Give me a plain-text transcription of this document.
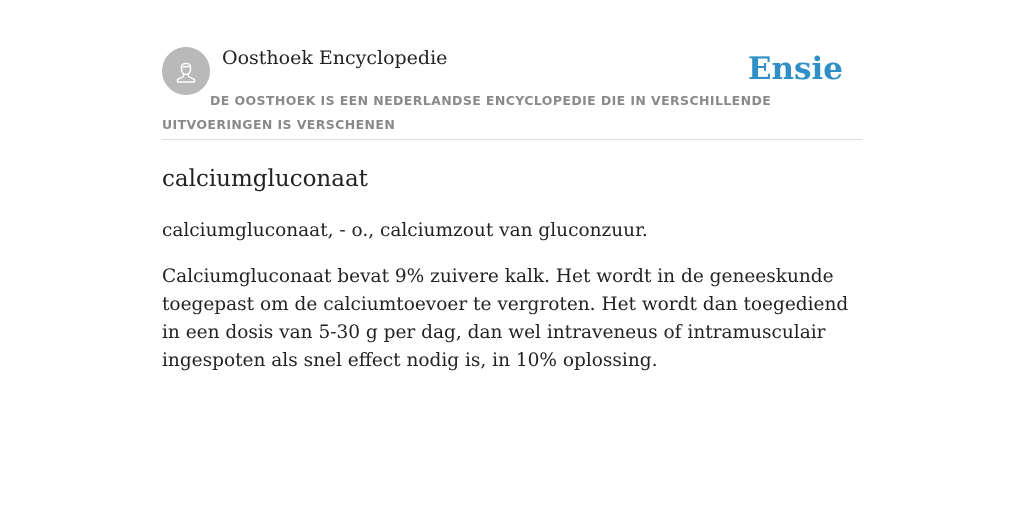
Oosthoek Encyclopedie	Ensie
DE OOSTHOEK IS EEN NEDERLANDSE ENCYCLOPEDIE DIE IN VERSCHILLENDE UITVOERINGEN IS VERSCHENEN
calciumgluconaat

calciumgluconaat, - o., calciumzout van gluconzuur.

Calciumgluconaat bevat 9% zuivere kalk. Het wordt in de geneeskunde toegepast om de calciumtoevoer te vergroten. Het wordt dan toegediend in een dosis van 5-30 g per dag, dan wel intraveneus of intramusculair ingespoten als snel effect nodig is, in 10% oplossing.
